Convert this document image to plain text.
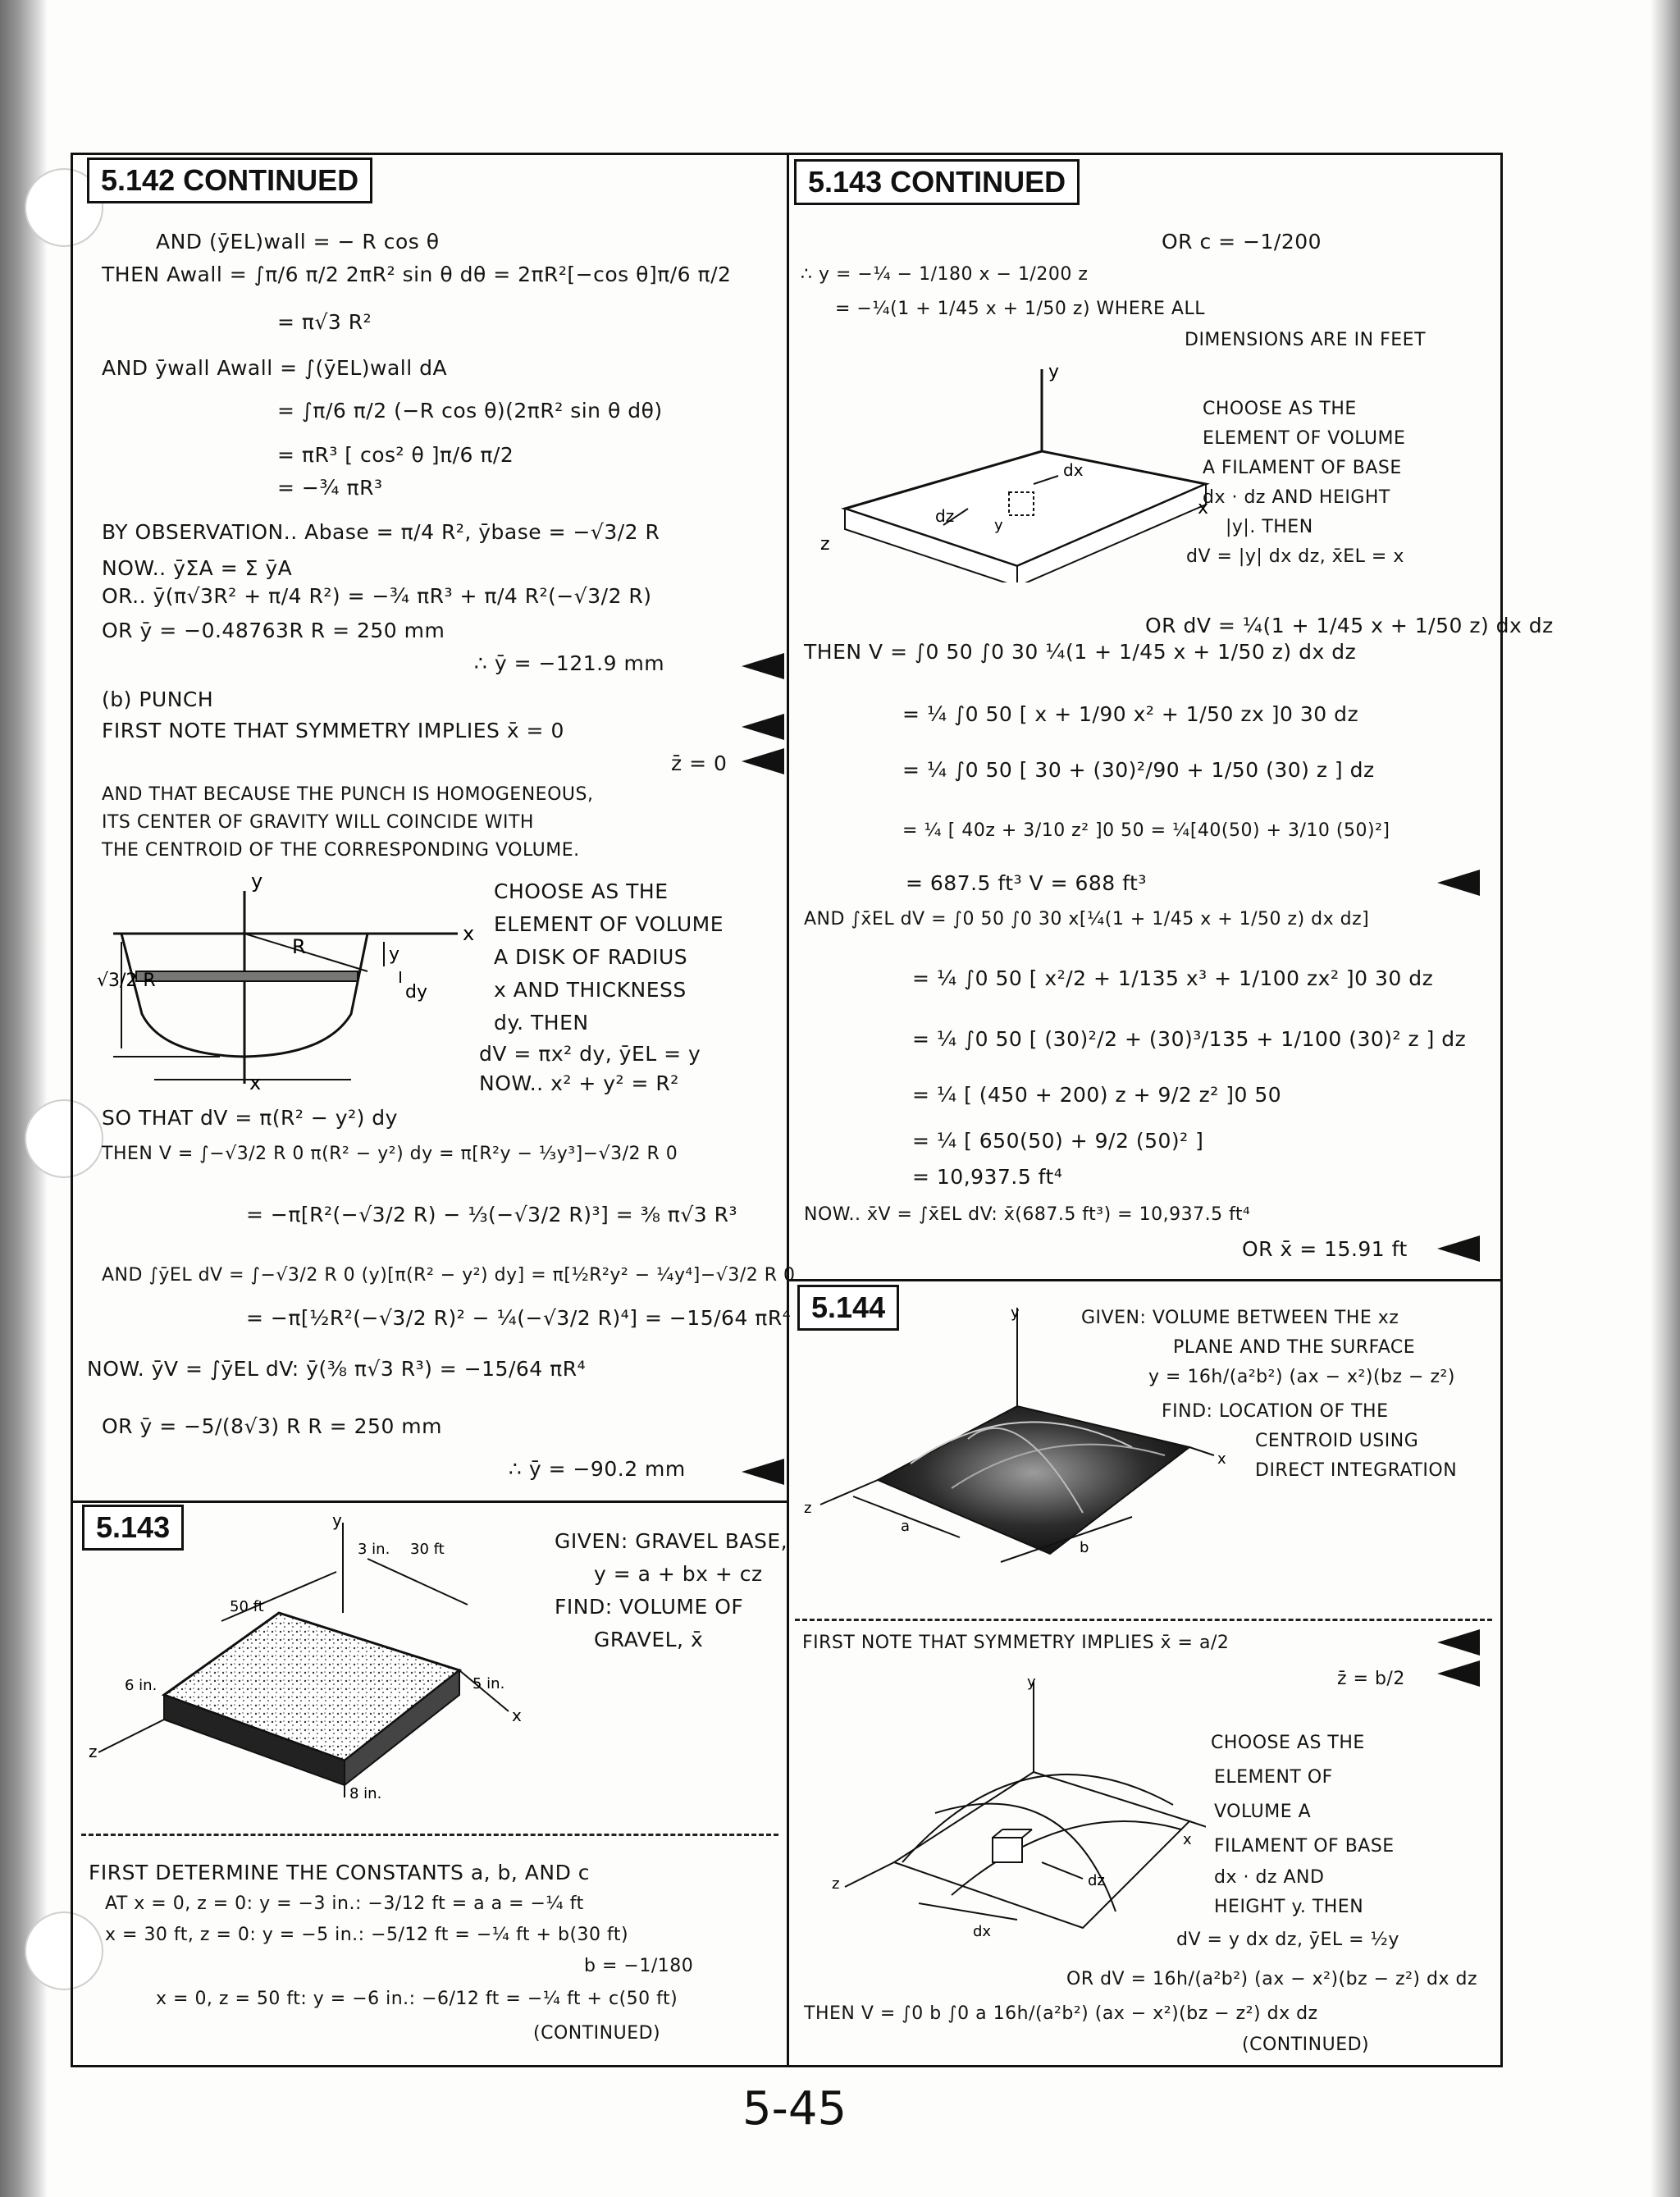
5.142 CONTINUED
AND (ȳEL)wall = − R cos θ
THEN Awall = ∫π/6 π/2 2πR² sin θ dθ = 2πR²[−cos θ]π/6 π/2
= π√3 R²
AND ȳwall Awall = ∫(ȳEL)wall dA
= ∫π/6 π/2 (−R cos θ)(2πR² sin θ dθ)
= πR³ [ cos² θ ]π/6 π/2
= −¾ πR³
BY OBSERVATION.. Abase = π/4 R², ȳbase = −√3/2 R
NOW.. ȳΣA = Σ ȳA
OR.. ȳ(π√3R² + π/4 R²) = −¾ πR³ + π/4 R²(−√3/2 R)
OR ȳ = −0.48763R R = 250 mm
∴ ȳ = −121.9 mm
(b) PUNCH
FIRST NOTE THAT SYMMETRY IMPLIES x̄ = 0
z̄ = 0
AND THAT BECAUSE THE PUNCH IS HOMOGENEOUS,
ITS CENTER OF GRAVITY WILL COINCIDE WITH
THE CENTROID OF THE CORRESPONDING VOLUME.
y
x
R
√3/2 R
y
dy
x
CHOOSE AS THE
ELEMENT OF VOLUME
A DISK OF RADIUS
x AND THICKNESS
dy. THEN
dV = πx² dy, ȳEL = y
NOW.. x² + y² = R²
SO THAT dV = π(R² − y²) dy
THEN V = ∫−√3/2 R 0 π(R² − y²) dy = π[R²y − ⅓y³]−√3/2 R 0
= −π[R²(−√3/2 R) − ⅓(−√3/2 R)³] = ⅜ π√3 R³
AND ∫ȳEL dV = ∫−√3/2 R 0 (y)[π(R² − y²) dy] = π[½R²y² − ¼y⁴]−√3/2 R 0
= −π[½R²(−√3/2 R)² − ¼(−√3/2 R)⁴] = −15/64 πR⁴
NOW. ȳV = ∫ȳEL dV: ȳ(⅜ π√3 R³) = −15/64 πR⁴
OR ȳ = −5/(8√3) R R = 250 mm
∴ ȳ = −90.2 mm
5.143	y
3 in. 30 ft
50 ft
5 in.
6 in.
8 in.
x
z
GIVEN: GRAVEL BASE,
y = a + bx + cz
FIND: VOLUME OF
GRAVEL, x̄
FIRST DETERMINE THE CONSTANTS a, b, AND c
AT x = 0, z = 0: y = −3 in.: −3/12 ft = a a = −¼ ft
x = 30 ft, z = 0: y = −5 in.: −5/12 ft = −¼ ft + b(30 ft)
b = −1/180
x = 0, z = 50 ft: y = −6 in.: −6/12 ft = −¼ ft + c(50 ft)
(CONTINUED)
5.143 CONTINUED
OR c = −1/200
∴ y = −¼ − 1/180 x − 1/200 z
= −¼(1 + 1/45 x + 1/50 z) WHERE ALL
DIMENSIONS ARE IN FEET
y
x
z
dz
dx
y
CHOOSE AS THE
ELEMENT OF VOLUME
A FILAMENT OF BASE
dx · dz AND HEIGHT
|y|. THEN
dV = |y| dx dz, x̄EL = x
OR dV = ¼(1 + 1/45 x + 1/50 z) dx dz
THEN V = ∫0 50 ∫0 30 ¼(1 + 1/45 x + 1/50 z) dx dz
= ¼ ∫0 50 [ x + 1/90 x² + 1/50 zx ]0 30 dz
= ¼ ∫0 50 [ 30 + (30)²/90 + 1/50 (30) z ] dz
= ¼ [ 40z + 3/10 z² ]0 50 = ¼[40(50) + 3/10 (50)²]
= 687.5 ft³ V = 688 ft³
AND ∫x̄EL dV = ∫0 50 ∫0 30 x[¼(1 + 1/45 x + 1/50 z) dx dz]
= ¼ ∫0 50 [ x²/2 + 1/135 x³ + 1/100 zx² ]0 30 dz
= ¼ ∫0 50 [ (30)²/2 + (30)³/135 + 1/100 (30)² z ] dz
= ¼ [ (450 + 200) z + 9/2 z² ]0 50
= ¼ [ 650(50) + 9/2 (50)² ]
= 10,937.5 ft⁴
NOW.. x̄V = ∫x̄EL dV: x̄(687.5 ft³) = 10,937.5 ft⁴
OR x̄ = 15.91 ft
5.144	y
x
z
a
b
GIVEN: VOLUME BETWEEN THE xz
PLANE AND THE SURFACE
y = 16h/(a²b²) (ax − x²)(bz − z²)
FIND: LOCATION OF THE
CENTROID USING
DIRECT INTEGRATION
FIRST NOTE THAT SYMMETRY IMPLIES x̄ = a/2
z̄ = b/2
y
x
z	dz
dx
CHOOSE AS THE
ELEMENT OF
VOLUME A
FILAMENT OF BASE
dx · dz AND
HEIGHT y. THEN
dV = y dx dz, ȳEL = ½y
OR dV = 16h/(a²b²) (ax − x²)(bz − z²) dx dz
THEN V = ∫0 b ∫0 a 16h/(a²b²) (ax − x²)(bz − z²) dx dz
(CONTINUED)
5-45
